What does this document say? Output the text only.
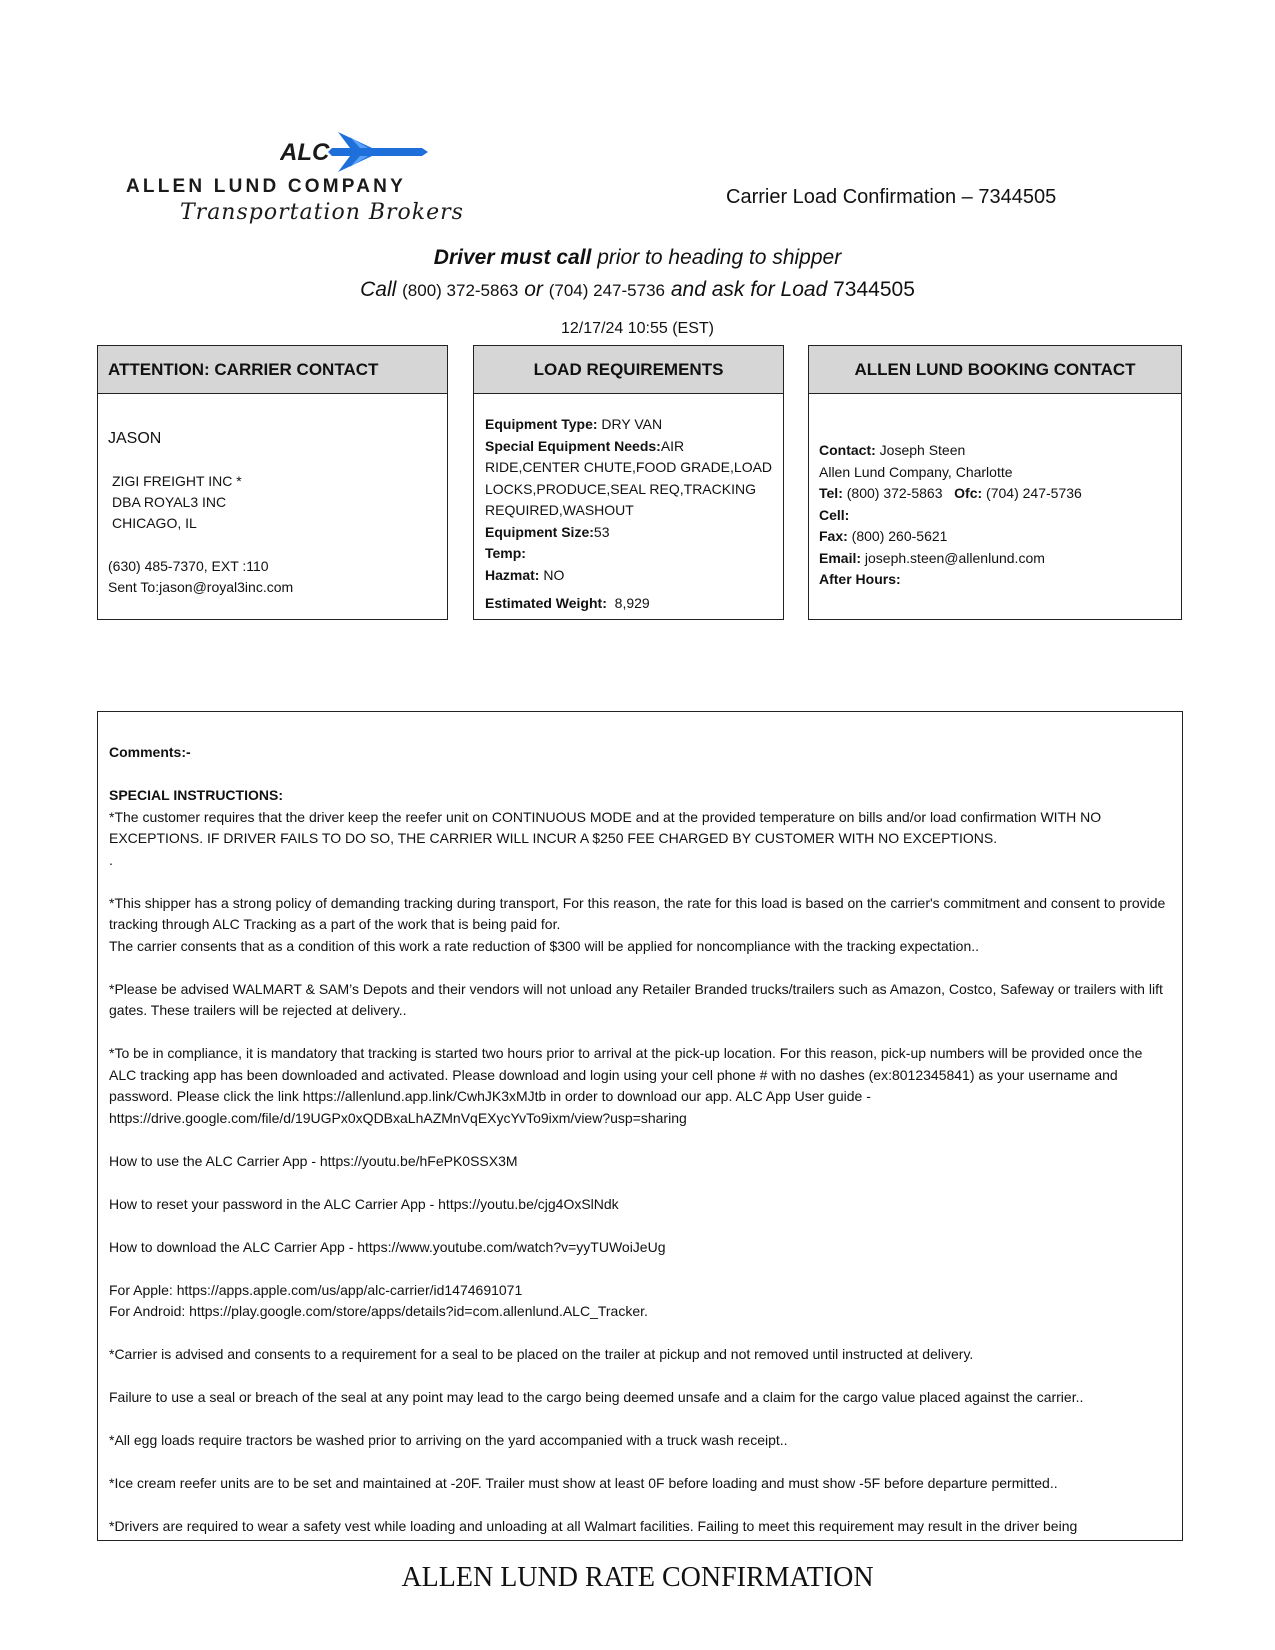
ALC
ALLEN LUND COMPANY
Transportation Brokers
Carrier Load Confirmation – 7344505
Driver must call prior to heading to shipper
Call (800) 372-5863 or (704) 247-5736 and ask for Load 7344505
12/17/24 10:55 (EST)
ATTENTION: CARRIER CONTACT
JASON
ZIGI FREIGHT INC *
DBA ROYAL3 INC
CHICAGO, IL
(630) 485-7370, EXT :110
Sent To:jason@royal3inc.com
LOAD REQUIREMENTS
Equipment Type: DRY VAN
Special Equipment Needs:AIR
RIDE,CENTER CHUTE,FOOD GRADE,LOAD
LOCKS,PRODUCE,SEAL REQ,TRACKING
REQUIRED,WASHOUT
Equipment Size:53
Temp:
Hazmat: NO
Estimated Weight:  8,929
ALLEN LUND BOOKING CONTACT
Contact: Joseph Steen
Allen Lund Company, Charlotte
Tel: (800) 372-5863 Ofc: (704) 247-5736
Cell:
Fax: (800) 260-5621
Email: joseph.steen@allenlund.com
After Hours:

Comments:-

SPECIAL INSTRUCTIONS:

*The customer requires that the driver keep the reefer unit on CONTINUOUS MODE and at the provided temperature on bills and/or load confirmation WITH NO EXCEPTIONS. IF DRIVER FAILS TO DO SO, THE CARRIER WILL INCUR A $250 FEE CHARGED BY CUSTOMER WITH NO EXCEPTIONS.

.

*This shipper has a strong policy of demanding tracking during transport, For this reason, the rate for this load is based on the carrier's commitment and consent to provide tracking through ALC Tracking as a part of the work that is being paid for.

The carrier consents that as a condition of this work a rate reduction of $300 will be applied for noncompliance with the tracking expectation..

*Please be advised WALMART & SAM’s Depots and their vendors will not unload any Retailer Branded trucks/trailers such as Amazon, Costco, Safeway or trailers with lift gates. These trailers will be rejected at delivery..

*To be in compliance, it is mandatory that tracking is started two hours prior to arrival at the pick-up location. For this reason, pick-up numbers will be provided once the ALC tracking app has been downloaded and activated. Please download and login using your cell phone # with no dashes (ex:8012345841) as your username and password. Please click the link https://allenlund.app.link/CwhJK3xMJtb in order to download our app. ALC App User guide - https://drive.google.com/file/d/19UGPx0xQDBxaLhAZMnVqEXycYvTo9ixm/view?usp=sharing

How to use the ALC Carrier App - https://youtu.be/hFePK0SSX3M

How to reset your password in the ALC Carrier App - https://youtu.be/cjg4OxSlNdk

How to download the ALC Carrier App - https://www.youtube.com/watch?v=yyTUWoiJeUg

For Apple: https://apps.apple.com/us/app/alc-carrier/id1474691071

For Android: https://play.google.com/store/apps/details?id=com.allenlund.ALC_Tracker.

*Carrier is advised and consents to a requirement for a seal to be placed on the trailer at pickup and not removed until instructed at delivery.

Failure to use a seal or breach of the seal at any point may lead to the cargo being deemed unsafe and a claim for the cargo value placed against the carrier..

*All egg loads require tractors be washed prior to arriving on the yard accompanied with a truck wash receipt..

*Ice cream reefer units are to be set and maintained at -20F. Trailer must show at least 0F before loading and must show -5F before departure permitted..

*Drivers are required to wear a safety vest while loading and unloading at all Walmart facilities. Failing to meet this requirement may result in the driver being

ALLEN LUND RATE CONFIRMATION
